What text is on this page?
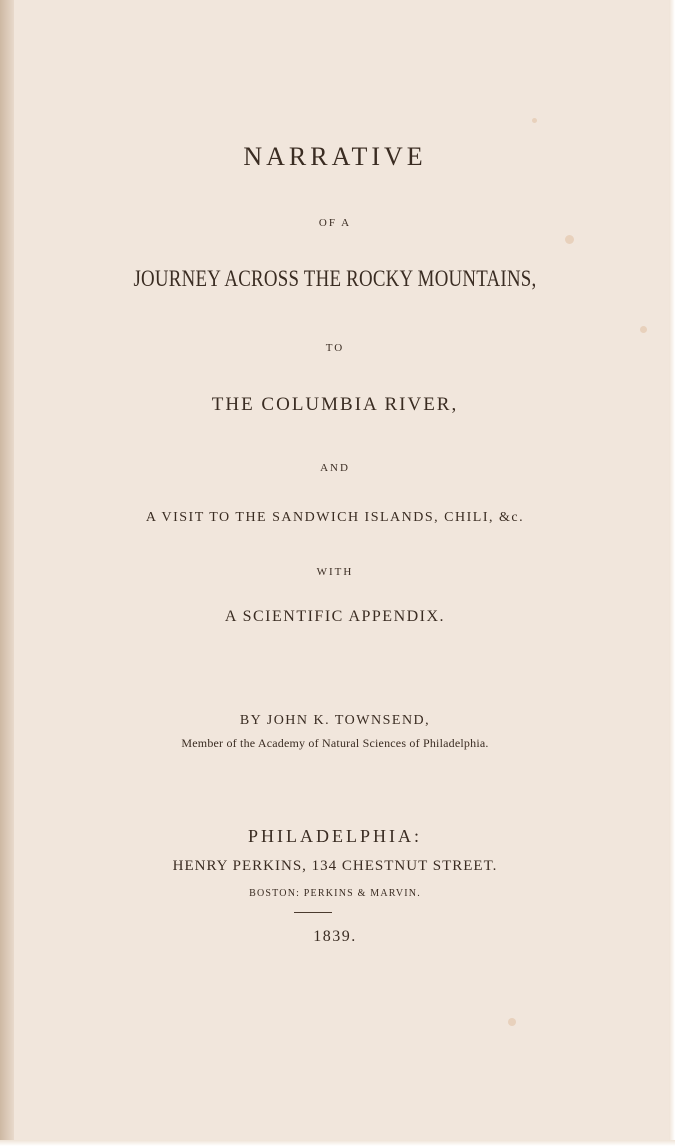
NARRATIVE
OF A
JOURNEY ACROSS THE ROCKY MOUNTAINS,
TO
THE COLUMBIA RIVER,
AND
A VISIT TO THE SANDWICH ISLANDS, CHILI, &c.
WITH
A SCIENTIFIC APPENDIX.
BY JOHN K. TOWNSEND,
Member of the Academy of Natural Sciences of Philadelphia.
PHILADELPHIA:
HENRY PERKINS, 134 CHESTNUT STREET.
BOSTON: PERKINS & MARVIN.
1839.
